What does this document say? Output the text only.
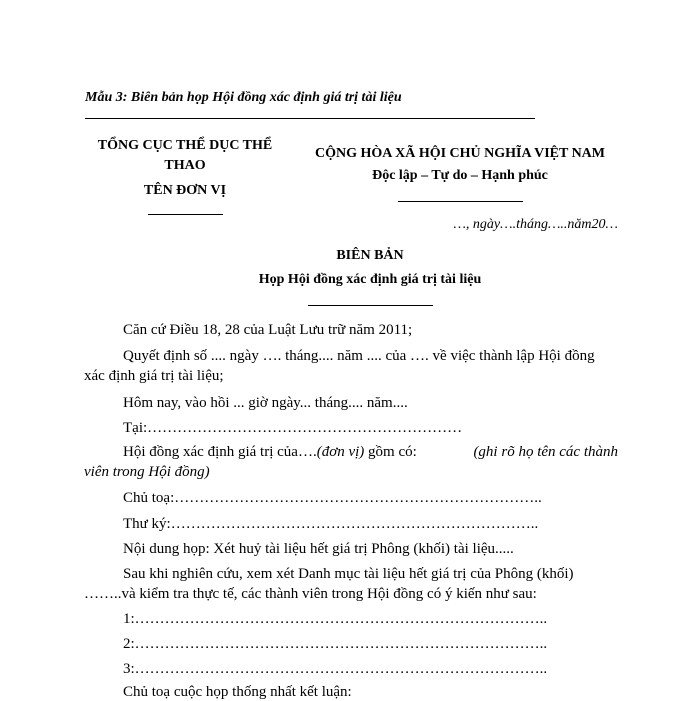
Mẫu 3: Biên bản họp Hội đồng xác định giá trị tài liệu
TỔNG CỤC THỂ DỤC THỂ
THAO
TÊN ĐƠN VỊ
CỘNG HÒA XÃ HỘI CHỦ NGHĨA VIỆT NAM
Độc lập – Tự do – Hạnh phúc
…, ngày….tháng…..năm20…
BIÊN BẢN
Họp Hội đồng xác định giá trị tài liệu
Căn cứ Điều 18, 28 của Luật Lưu trữ năm 2011;
Quyết định số .... ngày …. tháng.... năm .... của …. về việc thành lập Hội đồng
xác định giá trị tài liệu;
Hôm nay, vào hồi ... giờ ngày... tháng.... năm....
Tại:………………………………………………………
Hội đồng xác định giá trị của….(đơn vị) gồm có:	(ghi rõ họ tên các thành
viên trong Hội đồng)
Chủ toạ:………………………………………………………………..
Thư ký:………………………………………………………………..
Nội dung họp: Xét huỷ tài liệu hết giá trị Phông (khối) tài liệu.....
Sau khi nghiên cứu, xem xét Danh mục tài liệu hết giá trị của Phông (khối)
……..và kiểm tra thực tế, các thành viên trong Hội đồng có ý kiến như sau:
1:………………………………………………………………………..
2:………………………………………………………………………..
3:………………………………………………………………………..
Chủ toạ cuộc họp thống nhất kết luận:
